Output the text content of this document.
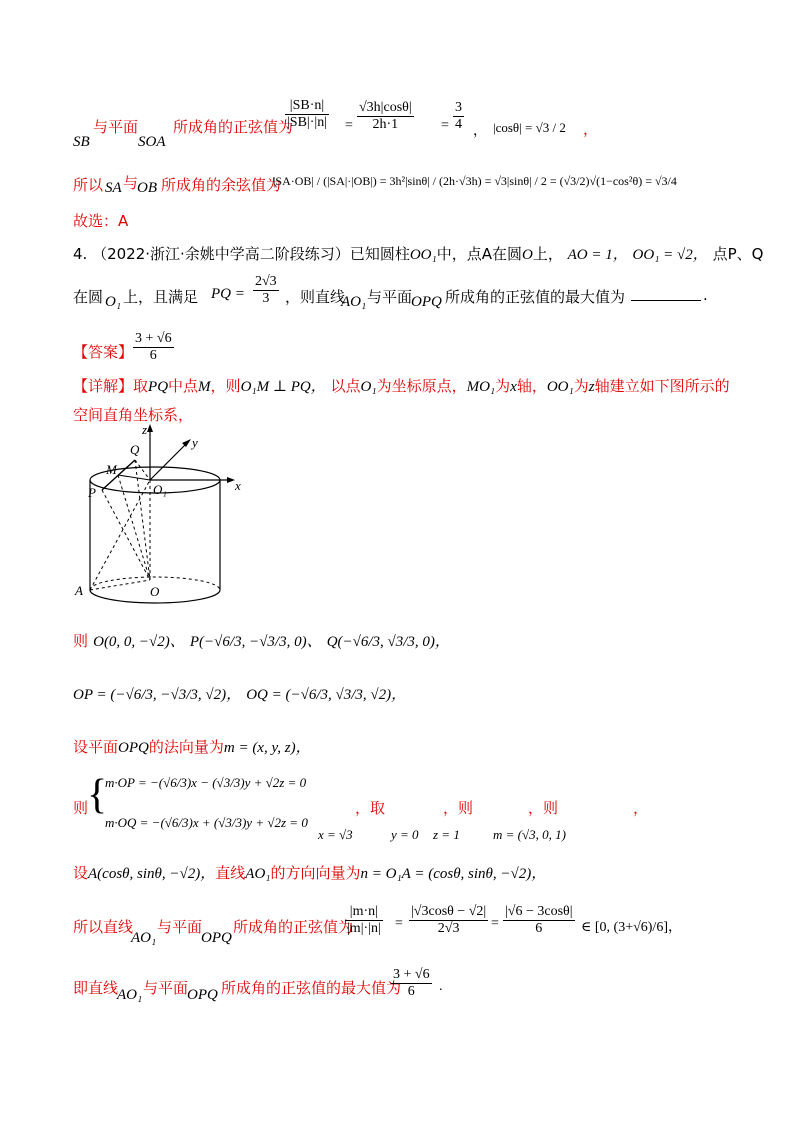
SB
与平面
SOA
所成角的正弦值为
$\frac{|SB\cdot n|}{|SB|\cdot|n|} = \frac{√3h|\cos\theta|}{2h\cdot 1} = \frac{3}{4}$ ， |cosθ| = √3 / 2 ，
所以 SA 与
OB 所成角的余弦值为
|SA·OB| / (|SA|·|OB|) = 3h²|sinθ| / (2h·√3h) = √3|sinθ| / 2 = (√3/2)√(1−cos²θ) = √3/4
故选：A
4. （2022·浙江·余姚中学高二阶段练习）已知圆柱OO₁中，点A在圆O上， AO = 1， OO₁ = √2， 点P、Q
在圆 O₁ 上，且满足 PQ = $\frac{2√3}{3}$ ，则直线
AO₁ 与平面
OPQ 所成角的正弦值的最大值为	.
【答案】 $\frac{3 + √6}{6}$
【详解】取PQ中点M，则O₁M ⊥ PQ， 以点O₁为坐标原点，MO₁为x轴，OO₁为z轴建立如下图所示的
空间直角坐标系，
z
Q	y
M
P	O₁	x
A	O
则 O(0, 0, −√2)、 P(−√6/3, −√3/3, 0)、 Q(−√6/3, √3/3, 0)，
OP = (−√6/3, −√3/3, √2)， OQ = (−√6/3, √3/3, √2)，
设平面OPQ的法向量为m = (x, y, z)，
则
{
m·OP = −(√6/3)x − (√3/3)y + √2z = 0
m·OQ = −(√6/3)x + (√3/3)y + √2z = 0
，取	，则	，则	，
x = √3	y = 0 z = 1	m = (√3, 0, 1)
设A(cosθ, sinθ, −√2)，直线AO₁的方向向量为n = O₁A = (cosθ, sinθ, −√2)，
所以直线
AO₁
与平面
OPQ
所成角的正弦值为
$\frac{|m\cdot n|}{|m|\cdot|n|} = \frac{|√3\cos\theta - √2|}{2√3} = \frac{|√6 - 3\cos\theta|}{6}$ ∈ [0, (3+√6)/6]，
即直线
AO₁ 与平面
OPQ 所成角的正弦值的最大值为
$\frac{3 + √6}{6}$ .
